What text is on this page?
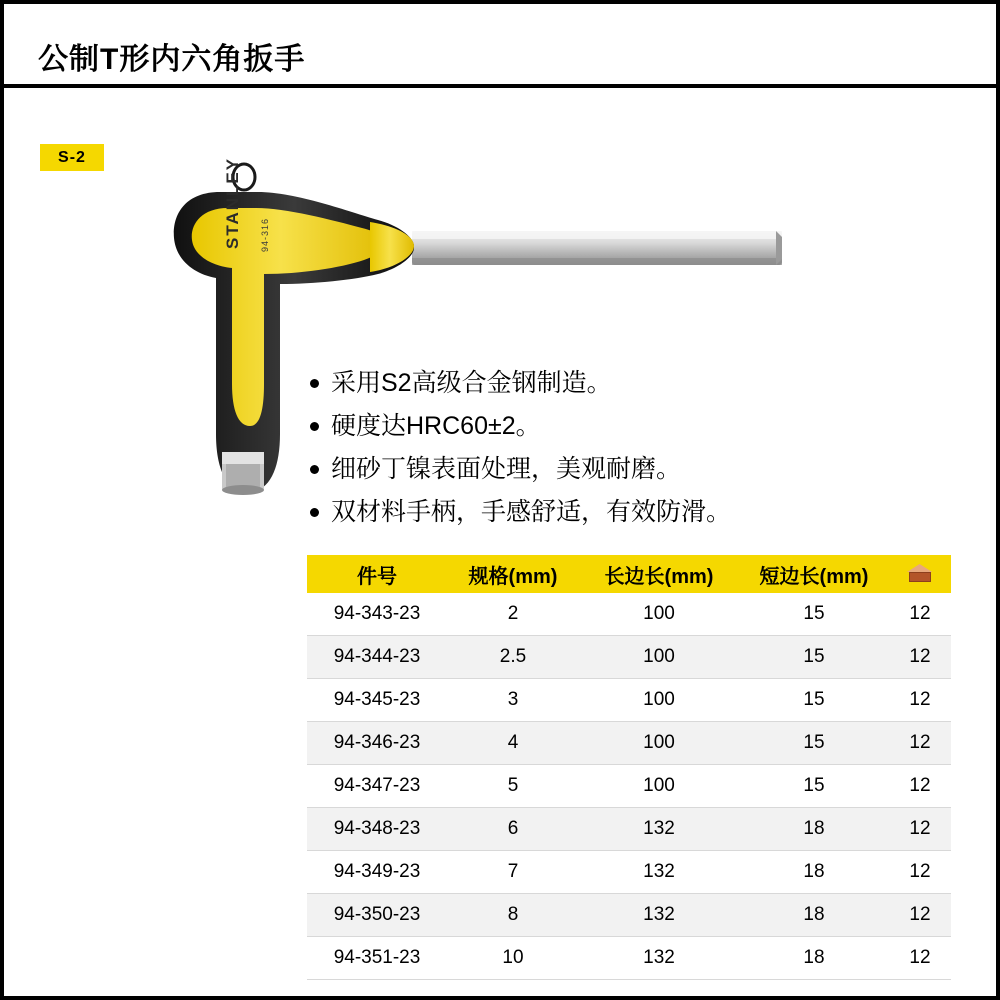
公制T形内六角扳手
S-2	STANLEY 94-316
采用S2高级合金钢制造。
硬度达HRC60±2。
细砂丁镍表面处理，美观耐磨。
双材料手柄，手感舒适，有效防滑。
件号	规格(mm)	长边长(mm)	短边长(mm)	

94-343-23	2	100	15	12
94-344-23	2.5	100	15	12
94-345-23	3	100	15	12
94-346-23	4	100	15	12
94-347-23	5	100	15	12
94-348-23	6	132	18	12
94-349-23	7	132	18	12
94-350-23	8	132	18	12
94-351-23	10	132	18	12
